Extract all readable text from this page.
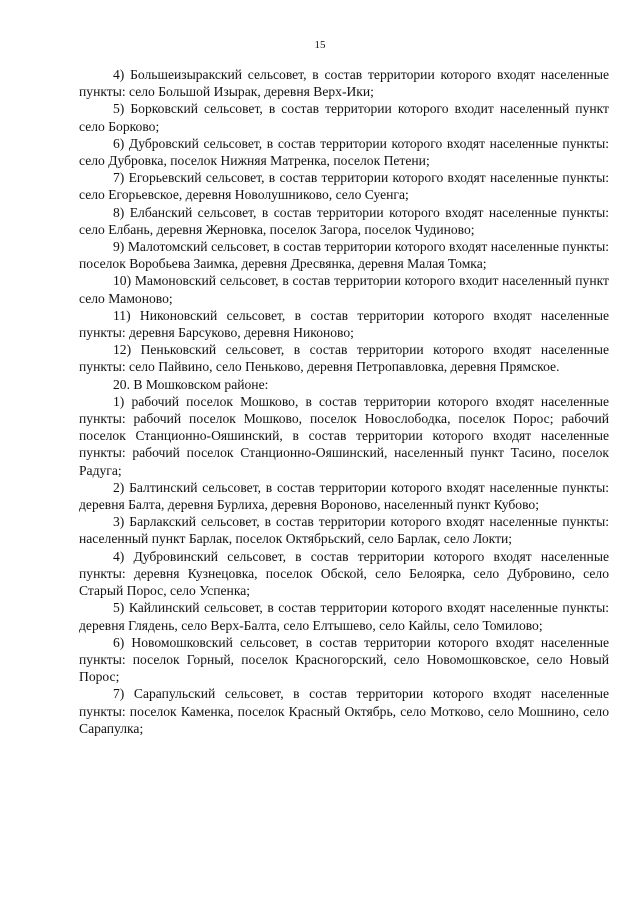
15

4) Большеизыракский сельсовет, в состав территории которого входят населенные пункты: село Большой Изырак, деревня Верх-Ики;

5) Борковский сельсовет, в состав территории которого входит населенный пункт село Борково;

6) Дубровский сельсовет, в состав территории которого входят населенные пункты: село Дубровка, поселок Нижняя Матренка, поселок Петени;

7) Егорьевский сельсовет, в состав территории которого входят населенные пункты: село Егорьевское, деревня Новолушниково, село Суенга;

8) Елбанский сельсовет, в состав территории которого входят населенные пункты: село Елбань, деревня Жерновка, поселок Загора, поселок Чудиново;

9) Малотомский сельсовет, в состав территории которого входят населенные пункты: поселок Воробьева Заимка, деревня Дресвянка, деревня Малая Томка;

10) Мамоновский сельсовет, в состав территории которого входит населенный пункт село Мамоново;

11) Никоновский сельсовет, в состав территории которого входят населенные пункты: деревня Барсуково, деревня Никоново;

12) Пеньковский сельсовет, в состав территории которого входят населенные пункты: село Пайвино, село Пеньково, деревня Петропавловка, деревня Прямское.

20. В Мошковском районе:

1) рабочий поселок Мошково, в состав территории которого входят населенные пункты: рабочий поселок Мошково, поселок Новослободка, поселок Порос; рабочий поселок Станционно-Ояшинский, в состав территории которого входят населенные пункты: рабочий поселок Станционно-Ояшинский, населенный пункт Тасино, поселок Радуга;

2) Балтинский сельсовет, в состав территории которого входят населенные пункты: деревня Балта, деревня Бурлиха, деревня Вороново, населенный пункт Кубово;

3) Барлакский сельсовет, в состав территории которого входят населенные пункты: населенный пункт Барлак, поселок Октябрьский, село Барлак, село Локти;

4) Дубровинский сельсовет, в состав территории которого входят населенные пункты: деревня Кузнецовка, поселок Обской, село Белоярка, село Дубровино, село Старый Порос, село Успенка;

5) Кайлинский сельсовет, в состав территории которого входят населенные пункты: деревня Глядень, село Верх-Балта, село Елтышево, село Кайлы, село Томилово;

6) Новомошковский сельсовет, в состав территории которого входят населенные пункты: поселок Горный, поселок Красногорский, село Новомошковское, село Новый Порос;

7) Сарапульский сельсовет, в состав территории которого входят населенные пункты: поселок Каменка, поселок Красный Октябрь, село Мотково, село Мошнино, село Сарапулка;
